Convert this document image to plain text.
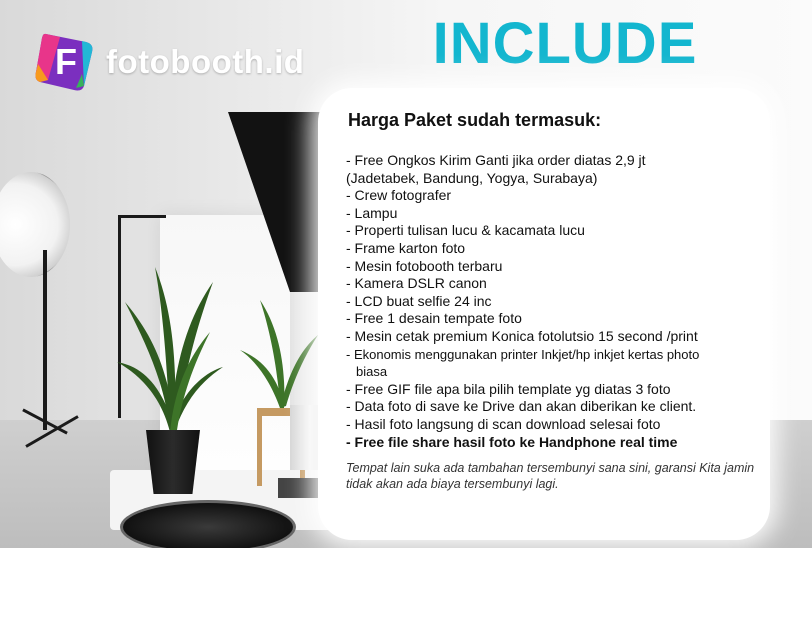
F fotobooth.id INCLUDE
Harga Paket sudah termasuk:
- Free Ongkos Kirim Ganti jika order diatas 2,9 jt
(Jadetabek, Bandung, Yogya, Surabaya)
- Crew fotografer
- Lampu
- Properti tulisan lucu & kacamata lucu
- Frame karton foto
- Mesin fotobooth terbaru
- Kamera DSLR canon
- LCD buat selfie 24 inc
- Free 1 desain tempate foto
- Mesin cetak premium Konica fotolutsio 15 second /print
- Ekonomis menggunakan printer Inkjet/hp inkjet kertas photo
biasa
- Free GIF file apa bila pilih template yg diatas 3 foto
- Data foto di save ke Drive dan akan diberikan ke client.
- Hasil foto langsung di scan download selesai foto
- Free file share hasil foto ke Handphone real time
Tempat lain suka ada tambahan tersembunyi sana sini, garansi Kita jamin tidak akan ada biaya tersembunyi lagi.
